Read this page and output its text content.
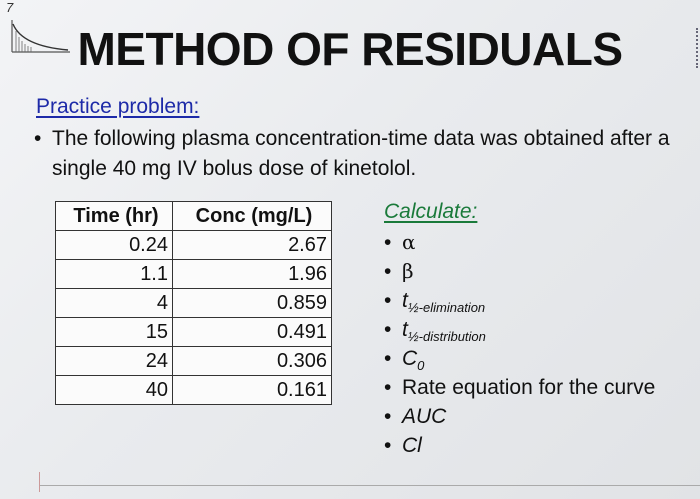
7
METHOD OF RESIDUALS
Practice problem:
• The following plasma concentration-time data was obtained after a single 40 mg IV bolus dose of kinetolol.
Time (hr)	Conc (mg/L)
0.24	2.67
1.1	1.96
4	0.859
15	0.491
24	0.306
40	0.161
Calculate:
• α
• β
• $t_{\frac{1}{2}-elimination}$
• $t_{\frac{1}{2}-distribution}$
• $C_0$
• Rate equation for the curve
• AUC
• Cl
